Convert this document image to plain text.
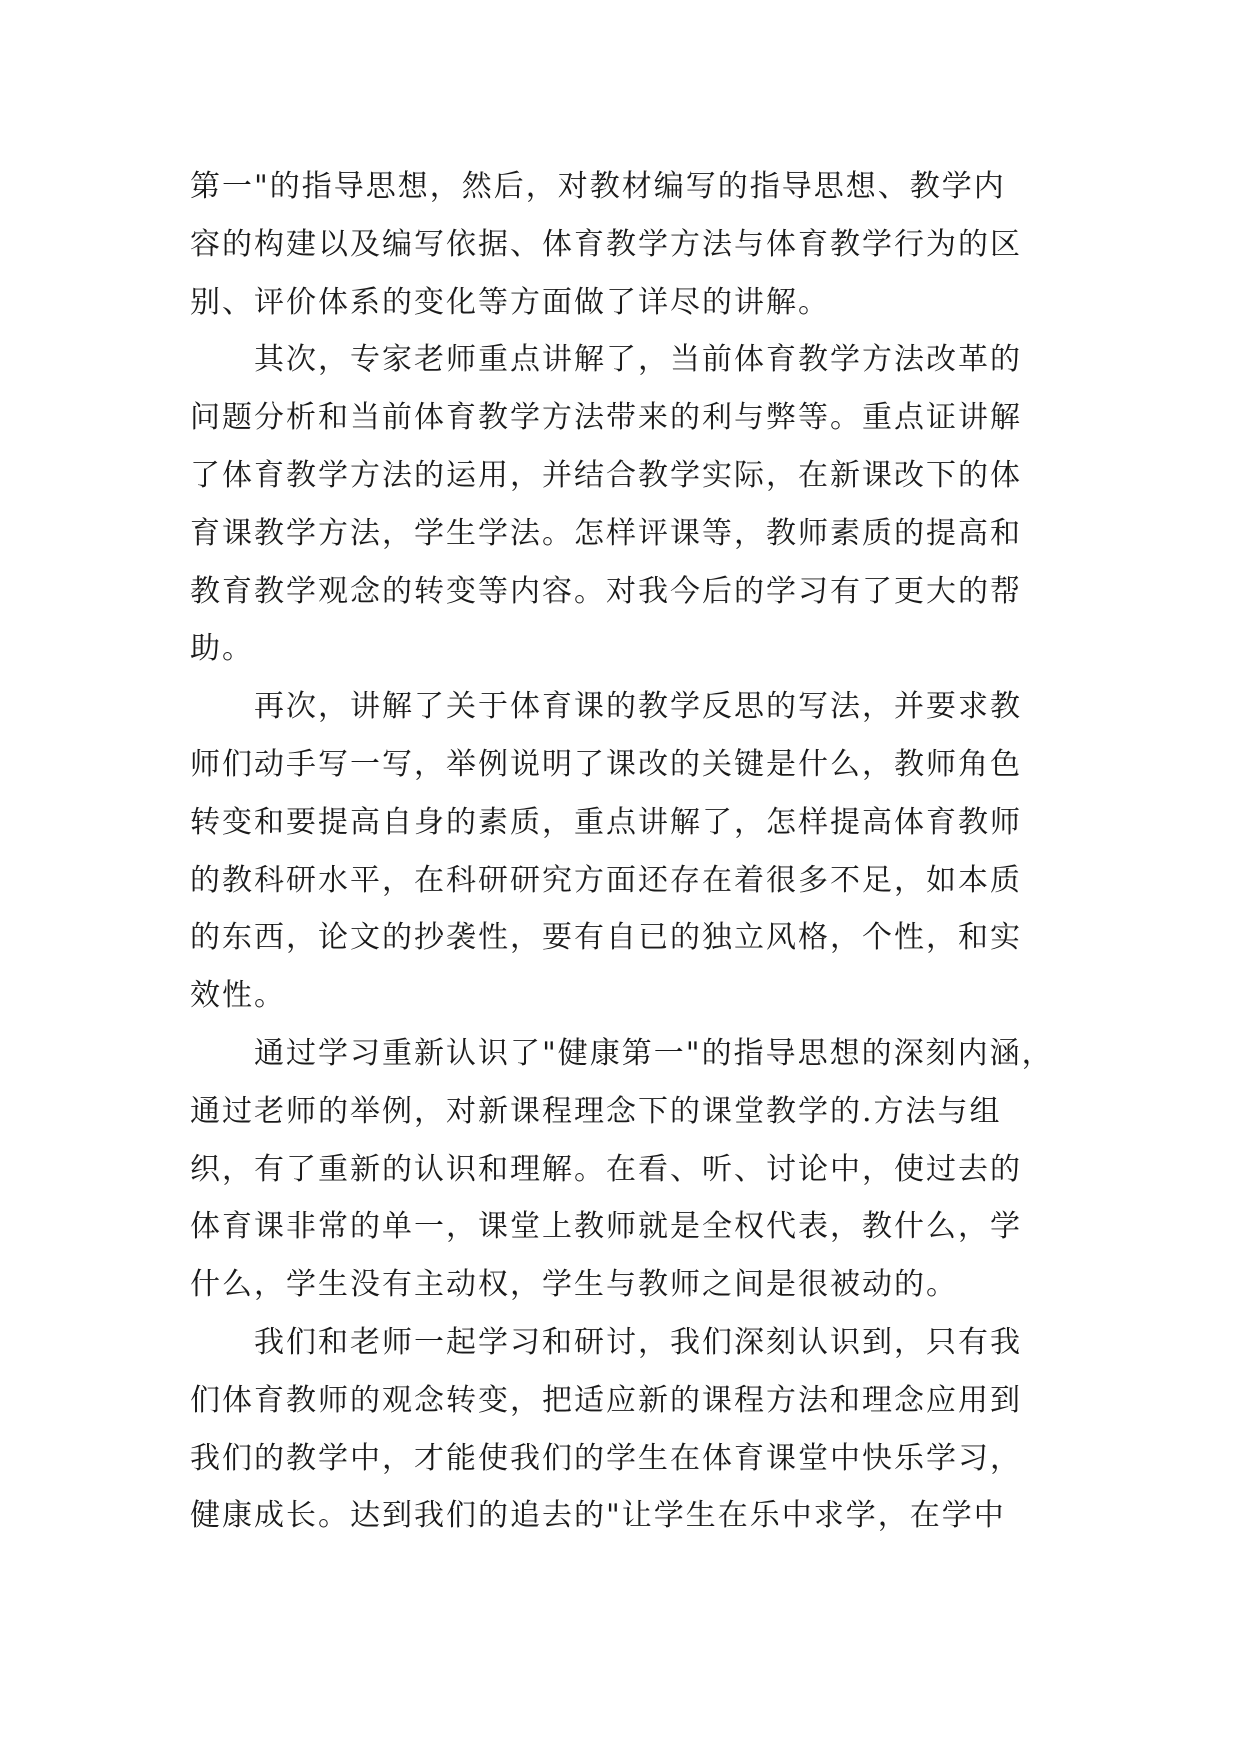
第一"的指导思想，然后，对教材编写的指导思想、教学内
容的构建以及编写依据、体育教学方法与体育教学行为的区
别、评价体系的变化等方面做了详尽的讲解。
其次，专家老师重点讲解了，当前体育教学方法改革的
问题分析和当前体育教学方法带来的利与弊等。重点证讲解
了体育教学方法的运用，并结合教学实际，在新课改下的体
育课教学方法，学生学法。怎样评课等，教师素质的提高和
教育教学观念的转变等内容。对我今后的学习有了更大的帮
助。
再次，讲解了关于体育课的教学反思的写法，并要求教
师们动手写一写，举例说明了课改的关键是什么，教师角色
转变和要提高自身的素质，重点讲解了，怎样提高体育教师
的教科研水平，在科研研究方面还存在着很多不足，如本质
的东西，论文的抄袭性，要有自已的独立风格，个性，和实
效性。
通过学习重新认识了"健康第一"的指导思想的深刻内涵，
通过老师的举例，对新课程理念下的课堂教学的.方法与组
织，有了重新的认识和理解。在看、听、讨论中，使过去的
体育课非常的单一，课堂上教师就是全权代表，教什么，学
什么，学生没有主动权，学生与教师之间是很被动的。
我们和老师一起学习和研讨，我们深刻认识到，只有我
们体育教师的观念转变，把适应新的课程方法和理念应用到
我们的教学中，才能使我们的学生在体育课堂中快乐学习，
健康成长。达到我们的追去的"让学生在乐中求学，在学中
